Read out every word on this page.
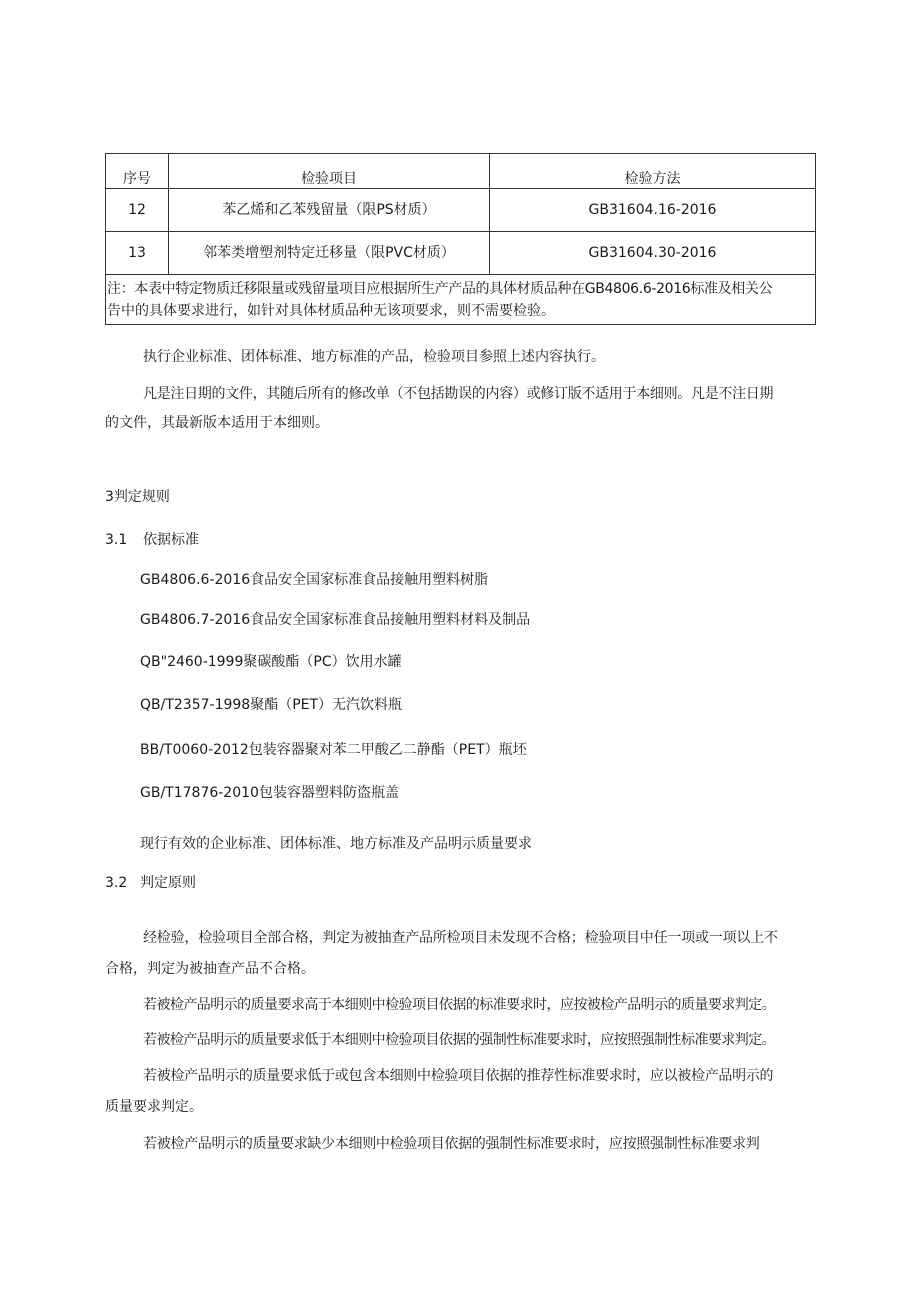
序号	检验项目	检验方法
12	苯乙烯和乙苯残留量（限PS材质）	GB31604.16-2016
13	邻苯类增塑剂特定迁移量（限PVC材质）	GB31604.30-2016

注：本表中特定物质迁移限量或残留量项目应根据所生产产品的具体材质品种在GB4806.6-2016标准及相关公
告中的具体要求进行，如针对具体材质品种无该项要求，则不需要检验。		
执行企业标准、团体标准、地方标准的产品，检验项目参照上述内容执行。
凡是注日期的文件，其随后所有的修改单（不包括勘误的内容）或修订版不适用于本细则。凡是不注日期
的文件，其最新版本适用于本细则。
3判定规则
3.1 依据标准
GB4806.6-2016食品安全国家标准食品接触用塑料树脂
GB4806.7-2016食品安全国家标准食品接触用塑料材料及制品
QB"2460-1999聚碳酸酯（PC）饮用水罐
QB/T2357-1998聚酯（PET）无汽饮料瓶
BB/T0060-2012包装容器聚对苯二甲酸乙二静酯（PET）瓶坯
GB/T17876-2010包装容器塑料防盗瓶盖
现行有效的企业标准、团体标准、地方标准及产品明示质量要求
3.2 判定原则
经检验，检验项目全部合格，判定为被抽查产品所检项目未发现不合格；检验项目中任一项或一项以上不
合格，判定为被抽查产品不合格。
若被检产品明示的质量要求高于本细则中检验项目依据的标准要求时，应按被检产品明示的质量要求判定。
若被检产品明示的质量要求低于本细则中检验项目依据的强制性标准要求时，应按照强制性标准要求判定。
若被检产品明示的质量要求低于或包含本细则中检验项目依据的推荐性标准要求时，应以被检产品明示的
质量要求判定。
若被检产品明示的质量要求缺少本细则中检验项目依据的强制性标准要求时，应按照强制性标准要求判
